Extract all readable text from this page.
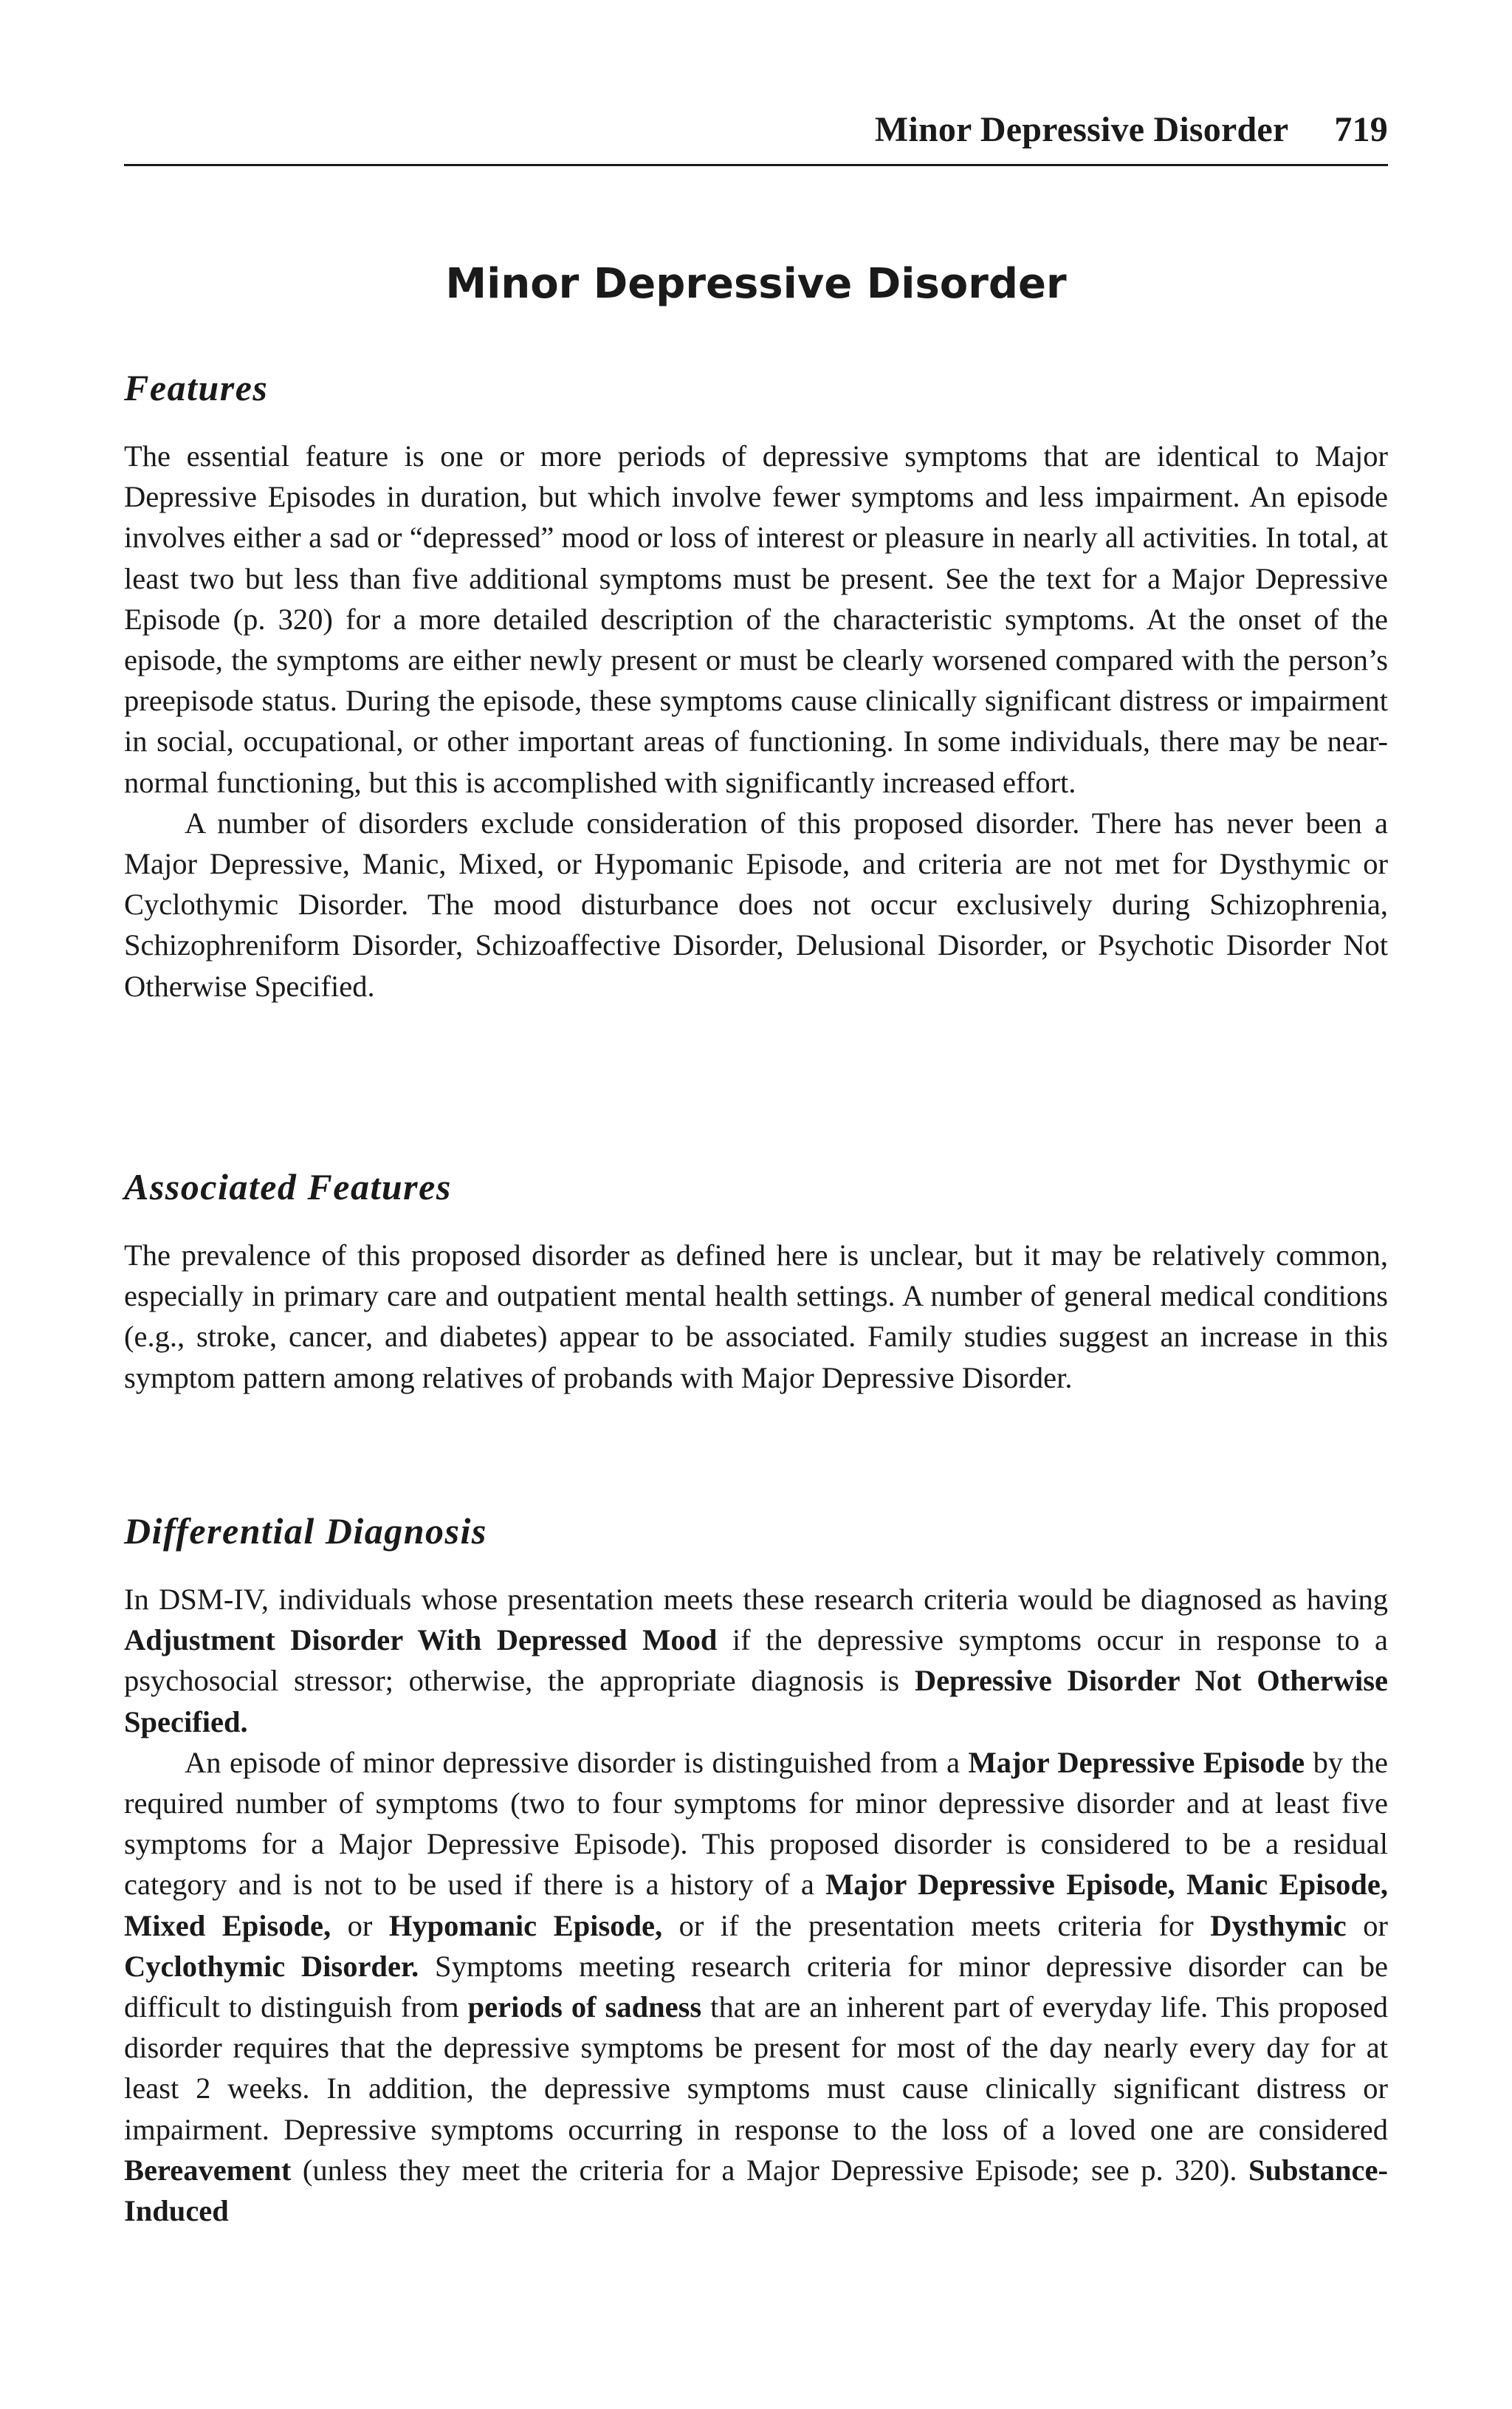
Minor Depressive Disorder 719
Minor Depressive Disorder
Features

The essential feature is one or more periods of depressive symptoms that are identical to Major Depressive Episodes in duration, but which involve fewer symptoms and less impairment. An episode involves either a sad or “depressed” mood or loss of interest or pleasure in nearly all activities. In total, at least two but less than five additional symptoms must be present. See the text for a Major Depressive Episode (p. 320) for a more detailed description of the characteristic symptoms. At the onset of the episode, the symptoms are either newly present or must be clearly worsened compared with the person’s preepisode status. During the episode, these symptoms cause clinically significant distress or impairment in social, occupational, or other important areas of functioning. In some individuals, there may be near-normal functioning, but this is accomplished with significantly increased effort.

A number of disorders exclude consideration of this proposed disorder. There has never been a Major Depressive, Manic, Mixed, or Hypomanic Episode, and criteria are not met for Dysthymic or Cyclothymic Disorder. The mood disturbance does not occur exclusively during Schizophrenia, Schizophreniform Disorder, Schizoaffective Disorder, Delusional Disorder, or Psychotic Disorder Not Otherwise Specified.

Associated Features

The prevalence of this proposed disorder as defined here is unclear, but it may be relatively common, especially in primary care and outpatient mental health settings. A number of general medical conditions (e.g., stroke, cancer, and diabetes) appear to be associated. Family studies suggest an increase in this symptom pattern among relatives of probands with Major Depressive Disorder.

Differential Diagnosis

In DSM-IV, individuals whose presentation meets these research criteria would be diagnosed as having Adjustment Disorder With Depressed Mood if the depressive symptoms occur in response to a psychosocial stressor; otherwise, the appropriate diagnosis is Depressive Disorder Not Otherwise Specified.

An episode of minor depressive disorder is distinguished from a Major Depressive Episode by the required number of symptoms (two to four symptoms for minor depressive disorder and at least five symptoms for a Major Depressive Episode). This proposed disorder is considered to be a residual category and is not to be used if there is a history of a Major Depressive Episode, Manic Episode, Mixed Episode, or Hypomanic Episode, or if the presentation meets criteria for Dysthymic or Cyclothymic Disorder. Symptoms meeting research criteria for minor depressive disorder can be difficult to distinguish from periods of sadness that are an inherent part of everyday life. This proposed disorder requires that the depressive symptoms be present for most of the day nearly every day for at least 2 weeks. In addition, the depressive symptoms must cause clinically significant distress or impairment. Depressive symptoms occurring in response to the loss of a loved one are considered Bereavement (unless they meet the criteria for a Major Depressive Episode; see p. 320). Substance-Induced
